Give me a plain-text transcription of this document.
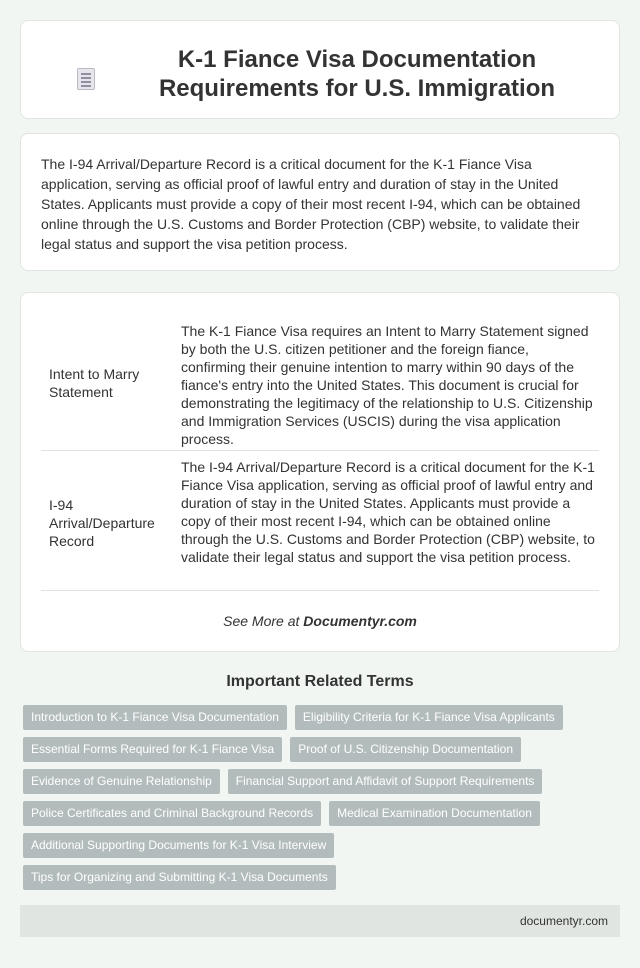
K-1 Fiance Visa Documentation Requirements for U.S. Immigration

The I-94 Arrival/Departure Record is a critical document for the K-1 Fiance Visa application, serving as official proof of lawful entry and duration of stay in the United States. Applicants must provide a copy of their most recent I-94, which can be obtained online through the U.S. Customs and Border Protection (CBP) website, to validate their legal status and support the visa petition process.

Intent to Marry Statement
The K-1 Fiance Visa requires an Intent to Marry Statement signed by both the U.S. citizen petitioner and the foreign fiance, confirming their genuine intention to marry within 90 days of the fiance's entry into the United States. This document is crucial for demonstrating the legitimacy of the relationship to U.S. Citizenship and Immigration Services (USCIS) during the visa application process.
I-94 Arrival/Departure Record
The I-94 Arrival/Departure Record is a critical document for the K-1 Fiance Visa application, serving as official proof of lawful entry and duration of stay in the United States. Applicants must provide a copy of their most recent I-94, which can be obtained online through the U.S. Customs and Border Protection (CBP) website, to validate their legal status and support the visa petition process.
See More at Documentyr.com
Important Related Terms
Introduction to K-1 Fiance Visa Documentation	Eligibility Criteria for K-1 Fiance Visa Applicants
Essential Forms Required for K-1 Fiance Visa	Proof of U.S. Citizenship Documentation
Evidence of Genuine Relationship	Financial Support and Affidavit of Support Requirements
Police Certificates and Criminal Background Records	Medical Examination Documentation
Additional Supporting Documents for K-1 Visa Interview
Tips for Organizing and Submitting K-1 Visa Documents
documentyr.com
